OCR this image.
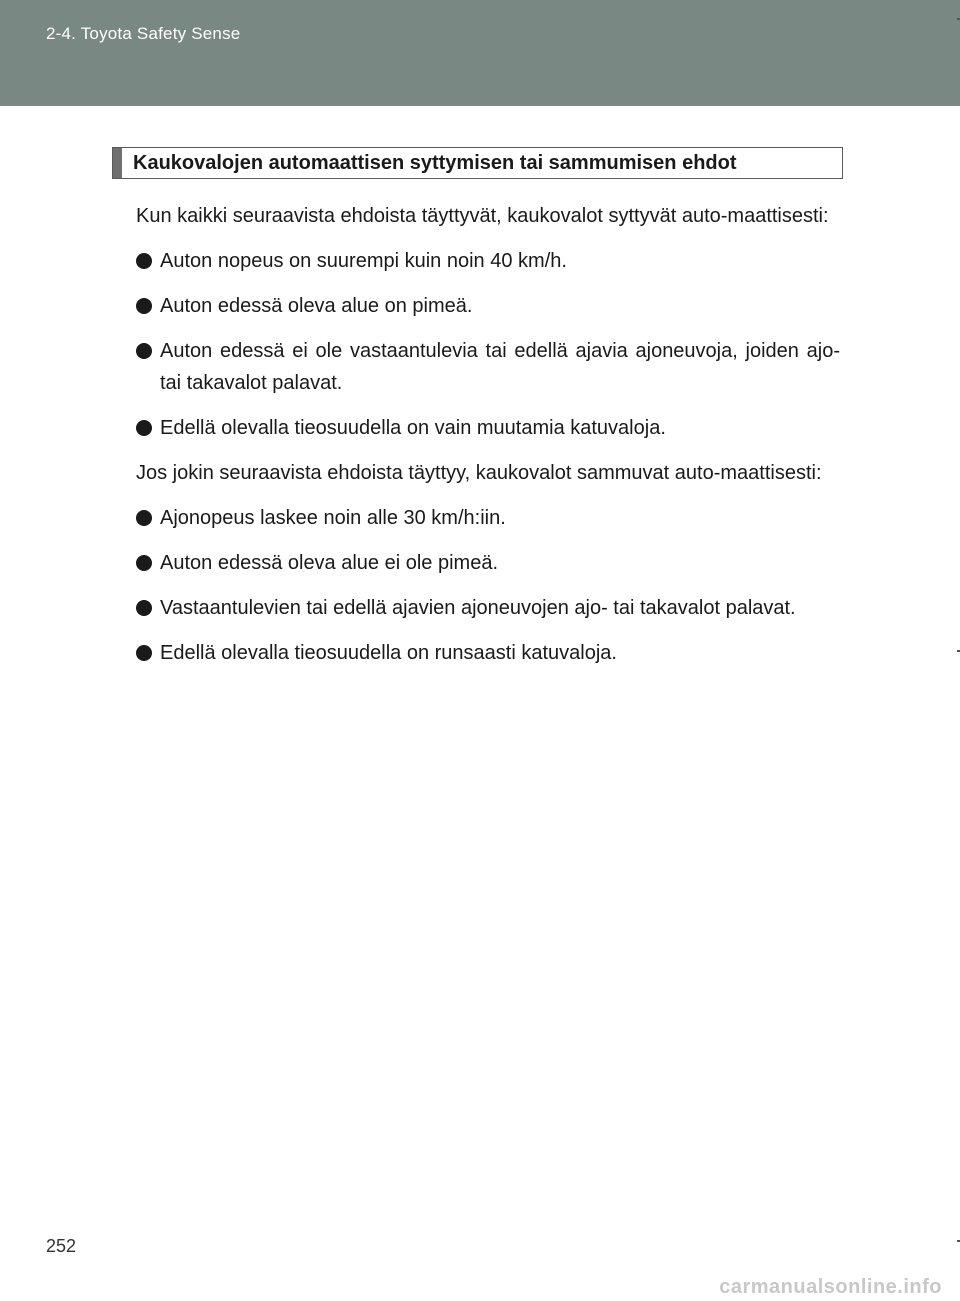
2-4. Toyota Safety Sense
Kaukovalojen automaattisen syttymisen tai sammumisen ehdot

Kun kaikki seuraavista ehdoista täyttyvät, kaukovalot syttyvät auto-maattisesti:

Auton nopeus on suurempi kuin noin 40 km/h.
Auton edessä oleva alue on pimeä.
Auton edessä ei ole vastaantulevia tai edellä ajavia ajoneuvoja, joiden ajo- tai takavalot palavat.
Edellä olevalla tieosuudella on vain muutamia katuvaloja.

Jos jokin seuraavista ehdoista täyttyy, kaukovalot sammuvat auto-maattisesti:

Ajonopeus laskee noin alle 30 km/h:iin.
Auton edessä oleva alue ei ole pimeä.
Vastaantulevien tai edellä ajavien ajoneuvojen ajo- tai takavalot palavat.
Edellä olevalla tieosuudella on runsaasti katuvaloja.
252
carmanualsonline.info
